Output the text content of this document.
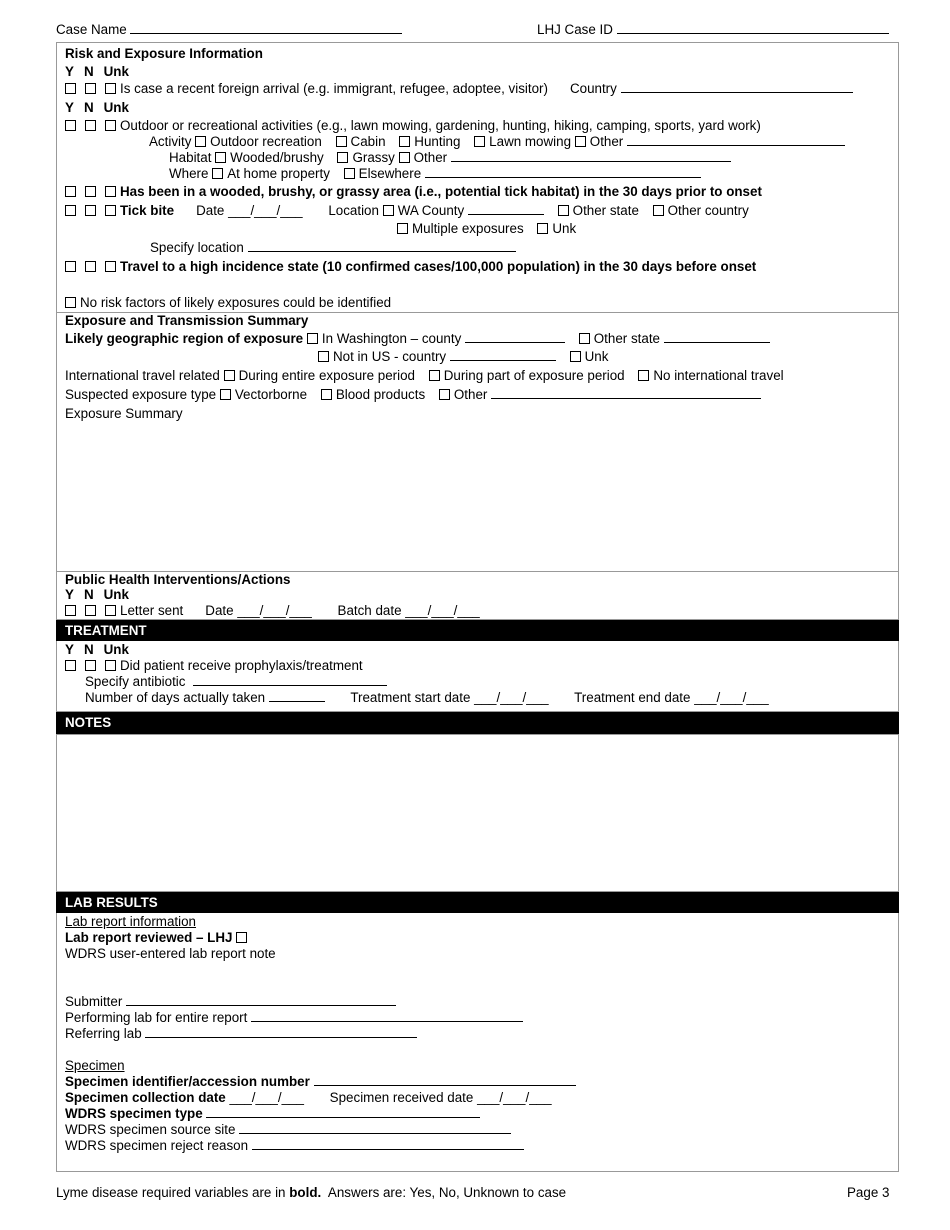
Case Name	LHJ Case ID
Risk and Exposure Information
Y N Unk
Is case a recent foreign arrival (e.g. immigrant, refugee, adoptee, visitor) Country
Y N Unk
Outdoor or recreational activities (e.g., lawn mowing, gardening, hunting, hiking, camping, sports, yard work)
Activity Outdoor recreation Cabin Hunting Lawn mowing Other
Habitat Wooded/brushy Grassy Other
Where At home property Elsewhere
Has been in a wooded, brushy, or grassy area (i.e., potential tick habitat) in the 30 days prior to onset
Tick bite Date ___/___/___ Location WA County	Other state Other country
Multiple exposures Unk
Specify location
Travel to a high incidence state (10 confirmed cases/100,000 population) in the 30 days before onset
No risk factors of likely exposures could be identified
Exposure and Transmission Summary
Likely geographic region of exposure In Washington – county	Other state
Not in US - country	Unk
International travel related During entire exposure period During part of exposure period No international travel
Suspected exposure type Vectorborne Blood products Other
Exposure Summary
Public Health Interventions/Actions
Y N Unk
Letter sent Date ___/___/___ Batch date ___/___/___
TREATMENT
Y N Unk
Did patient receive prophylaxis/treatment
Specify antibiotic
Number of days actually taken	Treatment start date ___/___/___ Treatment end date ___/___/___
NOTES
LAB RESULTS
Lab report information
Lab report reviewed – LHJ
WDRS user-entered lab report note
Submitter
Performing lab for entire report
Referring lab
Specimen
Specimen identifier/accession number
Specimen collection date ___/___/___ Specimen received date ___/___/___
WDRS specimen type
WDRS specimen source site
WDRS specimen reject reason
Lyme disease required variables are in bold. Answers are: Yes, No, Unknown to case	Page 3
